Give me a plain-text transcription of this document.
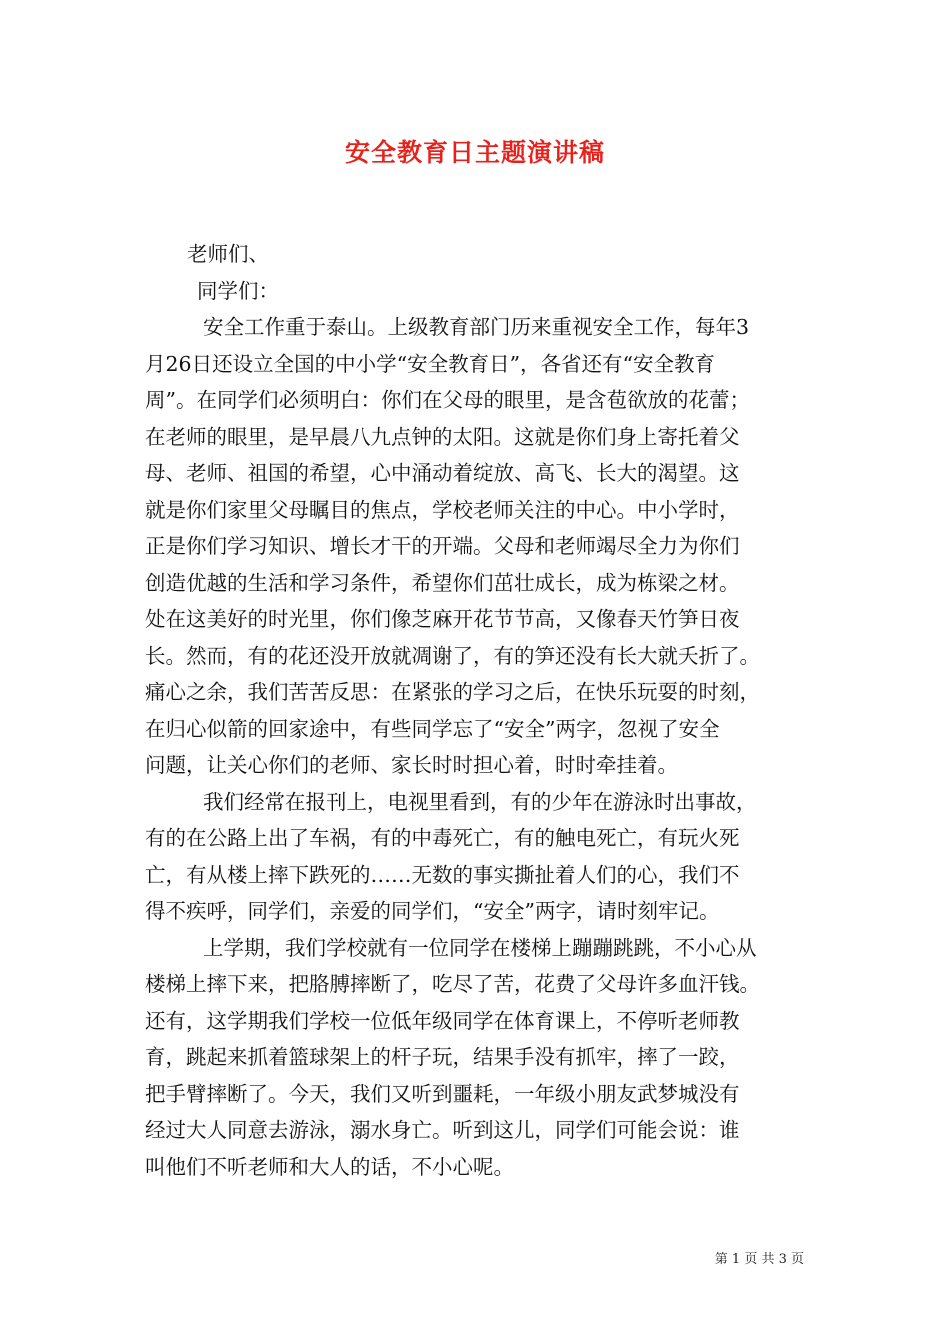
安全教育日主题演讲稿

老师们、

同学们：

安全工作重于泰山。上级教育部门历来重视安全工作，每年3
月26日还设立全国的中小学“安全教育日”，各省还有“安全教育
周”。在同学们必须明白：你们在父母的眼里，是含苞欲放的花蕾；
在老师的眼里，是早晨八九点钟的太阳。这就是你们身上寄托着父
母、老师、祖国的希望，心中涌动着绽放、高飞、长大的渴望。这
就是你们家里父母瞩目的焦点，学校老师关注的中心。中小学时，
正是你们学习知识、增长才干的开端。父母和老师竭尽全力为你们
创造优越的生活和学习条件，希望你们茁壮成长，成为栋梁之材。
处在这美好的时光里，你们像芝麻开花节节高，又像春天竹笋日夜
长。然而，有的花还没开放就凋谢了，有的笋还没有长大就夭折了。
痛心之余，我们苦苦反思：在紧张的学习之后，在快乐玩耍的时刻，
在归心似箭的回家途中，有些同学忘了“安全”两字，忽视了安全
问题，让关心你们的老师、家长时时担心着，时时牵挂着。

我们经常在报刊上，电视里看到，有的少年在游泳时出事故，
有的在公路上出了车祸，有的中毒死亡，有的触电死亡，有玩火死
亡，有从楼上摔下跌死的……无数的事实撕扯着人们的心，我们不
得不疾呼，同学们，亲爱的同学们，“安全”两字，请时刻牢记。

上学期，我们学校就有一位同学在楼梯上蹦蹦跳跳，不小心从
楼梯上摔下来，把胳膊摔断了，吃尽了苦，花费了父母许多血汗钱。
还有，这学期我们学校一位低年级同学在体育课上，不停听老师教
育，跳起来抓着篮球架上的杆子玩，结果手没有抓牢，摔了一跤，
把手臂摔断了。今天，我们又听到噩耗，一年级小朋友武梦城没有
经过大人同意去游泳，溺水身亡。听到这儿，同学们可能会说：谁
叫他们不听老师和大人的话，不小心呢。

第 1 页 共 3 页
